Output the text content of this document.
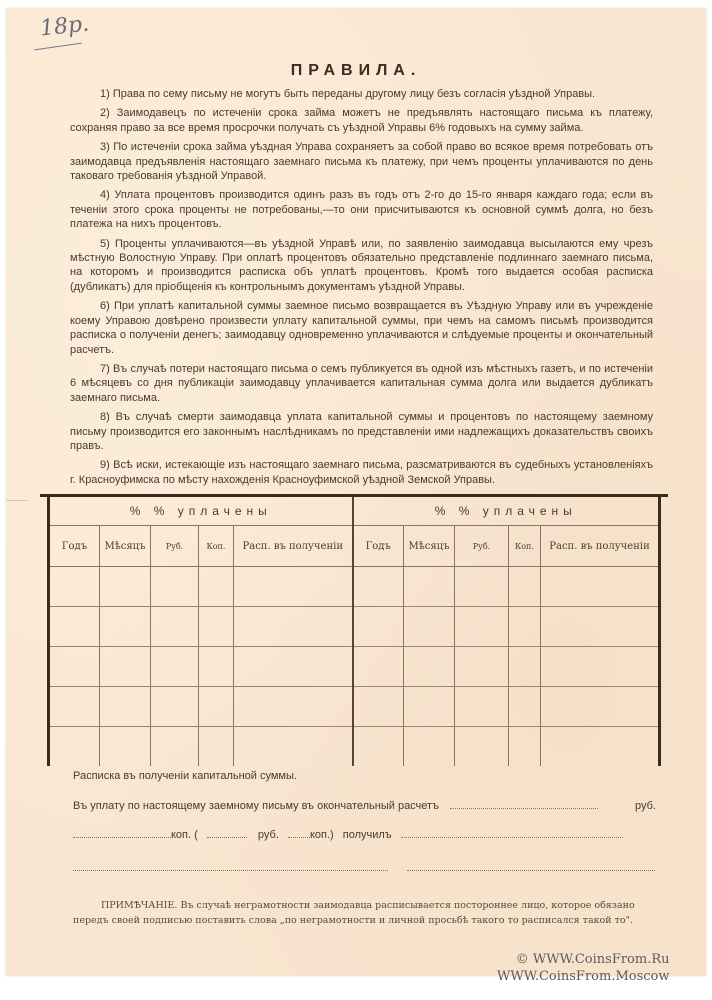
18р.
ПРАВИЛА.

1) Права по сему письму не могутъ быть переданы другому лицу безъ согласія уѣздной Управы.

2) Заимодавецъ по истеченіи срока займа можетъ не предъявлять настоящаго письма къ платежу, сохраняя право за все время просрочки получать съ уѣздной Управы 6% годовыхъ на сумму займа.

3) По истеченіи срока займа уѣздная Управа сохраняетъ за собой право во всякое время потребовать отъ заимодавца предъявленія настоящаго заемнаго письма къ платежу, при чемъ проценты уплачиваются по день таковаго требованія уѣздной Управой.

4) Уплата процентовъ производится одинъ разъ въ годъ отъ 2-го до 15-го января каждаго года; если въ теченіи этого срока проценты не потребованы,—то они присчитываются къ основной суммѣ долга, но безъ платежа на нихъ процентовъ.

5) Проценты уплачиваются—въ уѣздной Управѣ или, по заявленію заимодавца высылаются ему чрезъ мѣстную Волостную Управу. При оплатѣ процентовъ обязательно представленіе подлиннаго заемнаго письма, на которомъ и производится расписка объ уплатѣ процентовъ. Кромѣ того выдается особая расписка (дубликатъ) для пріобщенія къ контрольнымъ документамъ уѣздной Управы.

6) При уплатѣ капитальной суммы заемное письмо возвращается въ Уѣздную Управу или въ учрежденіе коему Управою довѣрено произвести уплату капитальной суммы, при чемъ на самомъ письмѣ производится расписка о полученіи денегъ; заимодавцу одновременно уплачиваются и слѣдуемые проценты и окончательный расчетъ.

7) Въ случаѣ потери настоящаго письма о семъ публикуется въ одной изъ мѣстныхъ газетъ, и по истеченіи 6 мѣсяцевъ со дня публикаціи заимодавцу уплачивается капитальная сумма долга или выдается дубликатъ заемнаго письма.

8) Въ случаѣ смерти заимодавца уплата капитальной суммы и процентовъ по настоящему заемному письму производится его законнымъ наслѣдникамъ по представленіи ими надлежащихъ доказательствъ своихъ правъ.

9) Всѣ иски, истекающіе изъ настоящаго заемнаго письма, разсматриваются въ судебныхъ установленіяхъ г. Красноуфимска по мѣсту нахожденія Красноуфимской уѣздной Земской Управы.

% % уплачены					% % уплачены				
Годъ	Мѣсяцъ	Руб.	Коп.	Расп. въ полученіи	Годъ	Мѣсяцъ	Руб.	Коп.	Расп. въ полученіи

Расписка въ полученіи капитальной суммы.
Въ уплату по настоящему заемному письму въ окончательный расчетъ	руб.
коп. (	руб.	коп.) получилъ
ПРИМѢЧАНІЕ. Въ случаѣ неграмотности заимодавца расписывается постороннее лицо, которое обязано передъ своей подписью поставить слова „по неграмотности и личной просьбѣ такого то расписался такой то".
© WWW.CoinsFrom.Ru
WWW.CoinsFrom.Moscow
